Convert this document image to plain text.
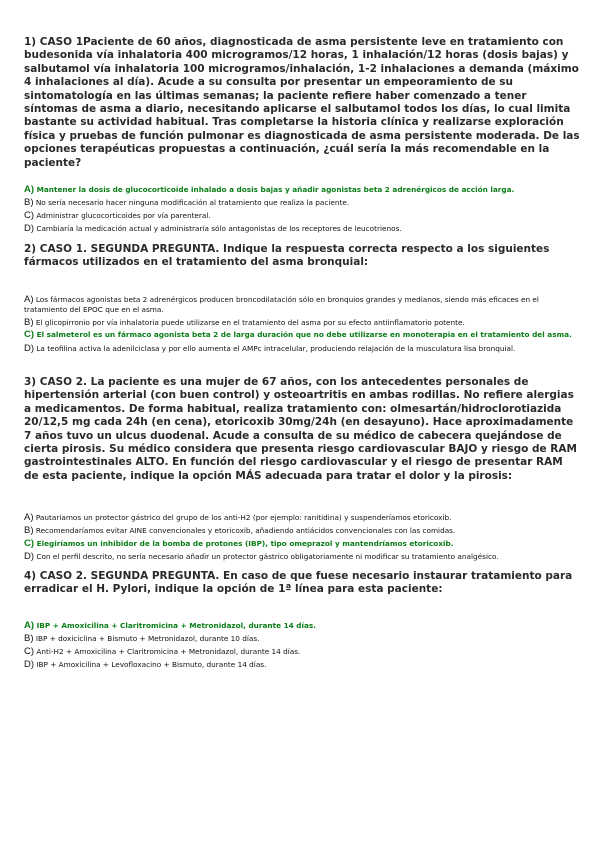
1) CASO 1Paciente de 60 años, diagnosticada de asma persistente leve en tratamiento con budesonida vía inhalatoria 400 microgramos/12 horas, 1 inhalación/12 horas (dosis bajas) y salbutamol vía inhalatoria 100 microgramos/inhalación, 1-2 inhalaciones a demanda (máximo 4 inhalaciones al día). Acude a su consulta por presentar un empeoramiento de su sintomatología en las últimas semanas; la paciente refiere haber comenzado a tener síntomas de asma a diario, necesitando aplicarse el salbutamol todos los días, lo cual limita bastante su actividad habitual. Tras completarse la historia clínica y realizarse exploración física y pruebas de función pulmonar es diagnosticada de asma persistente moderada. De las opciones terapéuticas propuestas a continuación, ¿cuál sería la más recomendable en la paciente?

A) Mantener la dosis de glucocorticoide inhalado a dosis bajas y añadir agonistas beta 2 adrenérgicos de acción larga.

B) No sería necesario hacer ninguna modificación al tratamiento que realiza la paciente.

C) Administrar glucocorticoides por vía parenteral.

D) Cambiaría la medicación actual y administraría sólo antagonistas de los receptores de leucotrienos.

2) CASO 1. SEGUNDA PREGUNTA. Indique la respuesta correcta respecto a los siguientes fármacos utilizados en el tratamiento del asma bronquial:

A) Los fármacos agonistas beta 2 adrenérgicos producen broncodilatación sólo en bronquios grandes y medianos, siendo más eficaces en el tratamiento del EPOC que en el asma.

B) El glicopirronio por vía inhalatoria puede utilizarse en el tratamiento del asma por su efecto antiinflamatorio potente.

C) El salmeterol es un fármaco agonista beta 2 de larga duración que no debe utilizarse en monoterapia en el tratamiento del asma.

D) La teofilina activa la adenilciclasa y por ello aumenta el AMPc intracelular, produciendo relajación de la musculatura lisa bronquial.

3) CASO 2. La paciente es una mujer de 67 años, con los antecedentes personales de hipertensión arterial (con buen control) y osteoartritis en ambas rodillas. No refiere alergias a medicamentos. De forma habitual, realiza tratamiento con: olmesartán/hidroclorotiazida 20/12,5 mg cada 24h (en cena), etoricoxib 30mg/24h (en desayuno). Hace aproximadamente 7 años tuvo un ulcus duodenal. Acude a consulta de su médico de cabecera quejándose de cierta pirosis. Su médico considera que presenta riesgo cardiovascular BAJO y riesgo de RAM gastrointestinales ALTO. En función del riesgo cardiovascular y el riesgo de presentar RAM de esta paciente, indique la opción MÁS adecuada para tratar el dolor y la pirosis:

A) Pautaríamos un protector gástrico del grupo de los anti-H2 (por ejemplo: ranitidina) y suspenderíamos etoricoxib.

B) Recomendaríamos evitar AINE convencionales y etoricoxib, añadiendo antiácidos convencionales con las comidas.

C) Elegiríamos un inhibidor de la bomba de protones (IBP), tipo omeprazol y mantendríamos etoricoxib.

D) Con el perfil descrito, no sería necesario añadir un protector gástrico obligatoriamente ni modificar su tratamiento analgésico.

4) CASO 2. SEGUNDA PREGUNTA. En caso de que fuese necesario instaurar tratamiento para erradicar el H. Pylori, indique la opción de 1ª línea para esta paciente:

A) IBP + Amoxicilina + Claritromicina + Metronidazol, durante 14 días.

B) IBP + doxiciclina + Bismuto + Metronidazol, durante 10 días.

C) Anti-H2 + Amoxicilina + Claritromicina + Metronidazol, durante 14 días.

D) IBP + Amoxicilina + Levofloxacino + Bismuto, durante 14 días.
